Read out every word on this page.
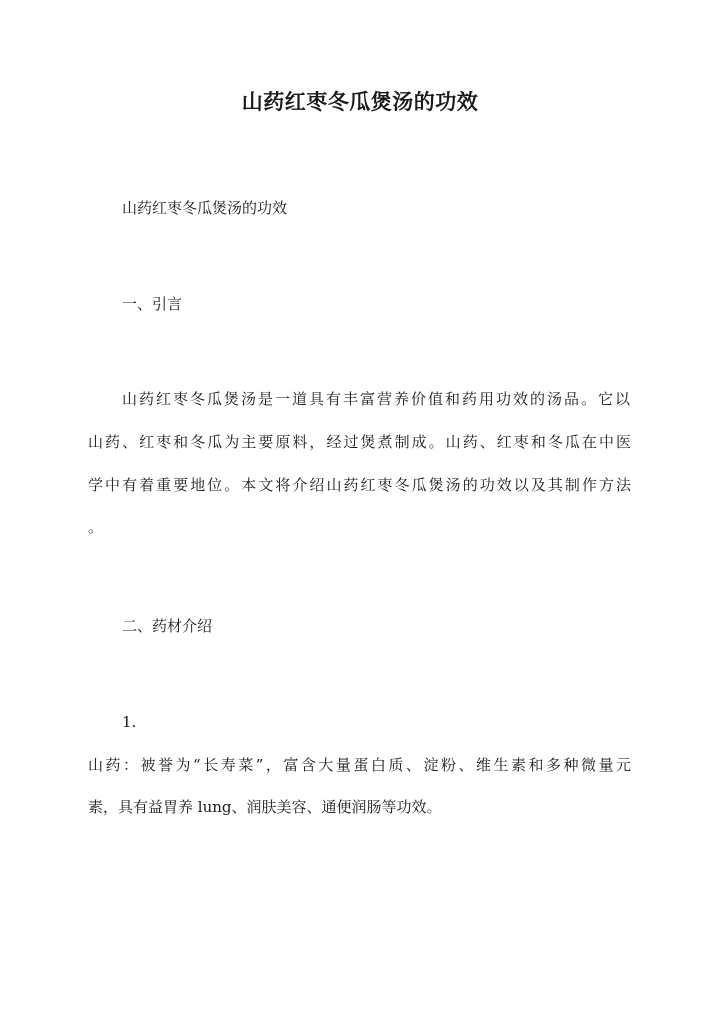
山药红枣冬瓜煲汤的功效

山药红枣冬瓜煲汤的功效

一、引言

山药红枣冬瓜煲汤是一道具有丰富营养价值和药用功效的汤品。它以

山药、红枣和冬瓜为主要原料，经过煲煮制成。山药、红枣和冬瓜在中医

学中有着重要地位。本文将介绍山药红枣冬瓜煲汤的功效以及其制作方法

。

二、药材介绍

1.

山药：被誉为“长寿菜”，富含大量蛋白质、淀粉、维生素和多种微量元

素，具有益胃养 lung、润肤美容、通便润肠等功效。
